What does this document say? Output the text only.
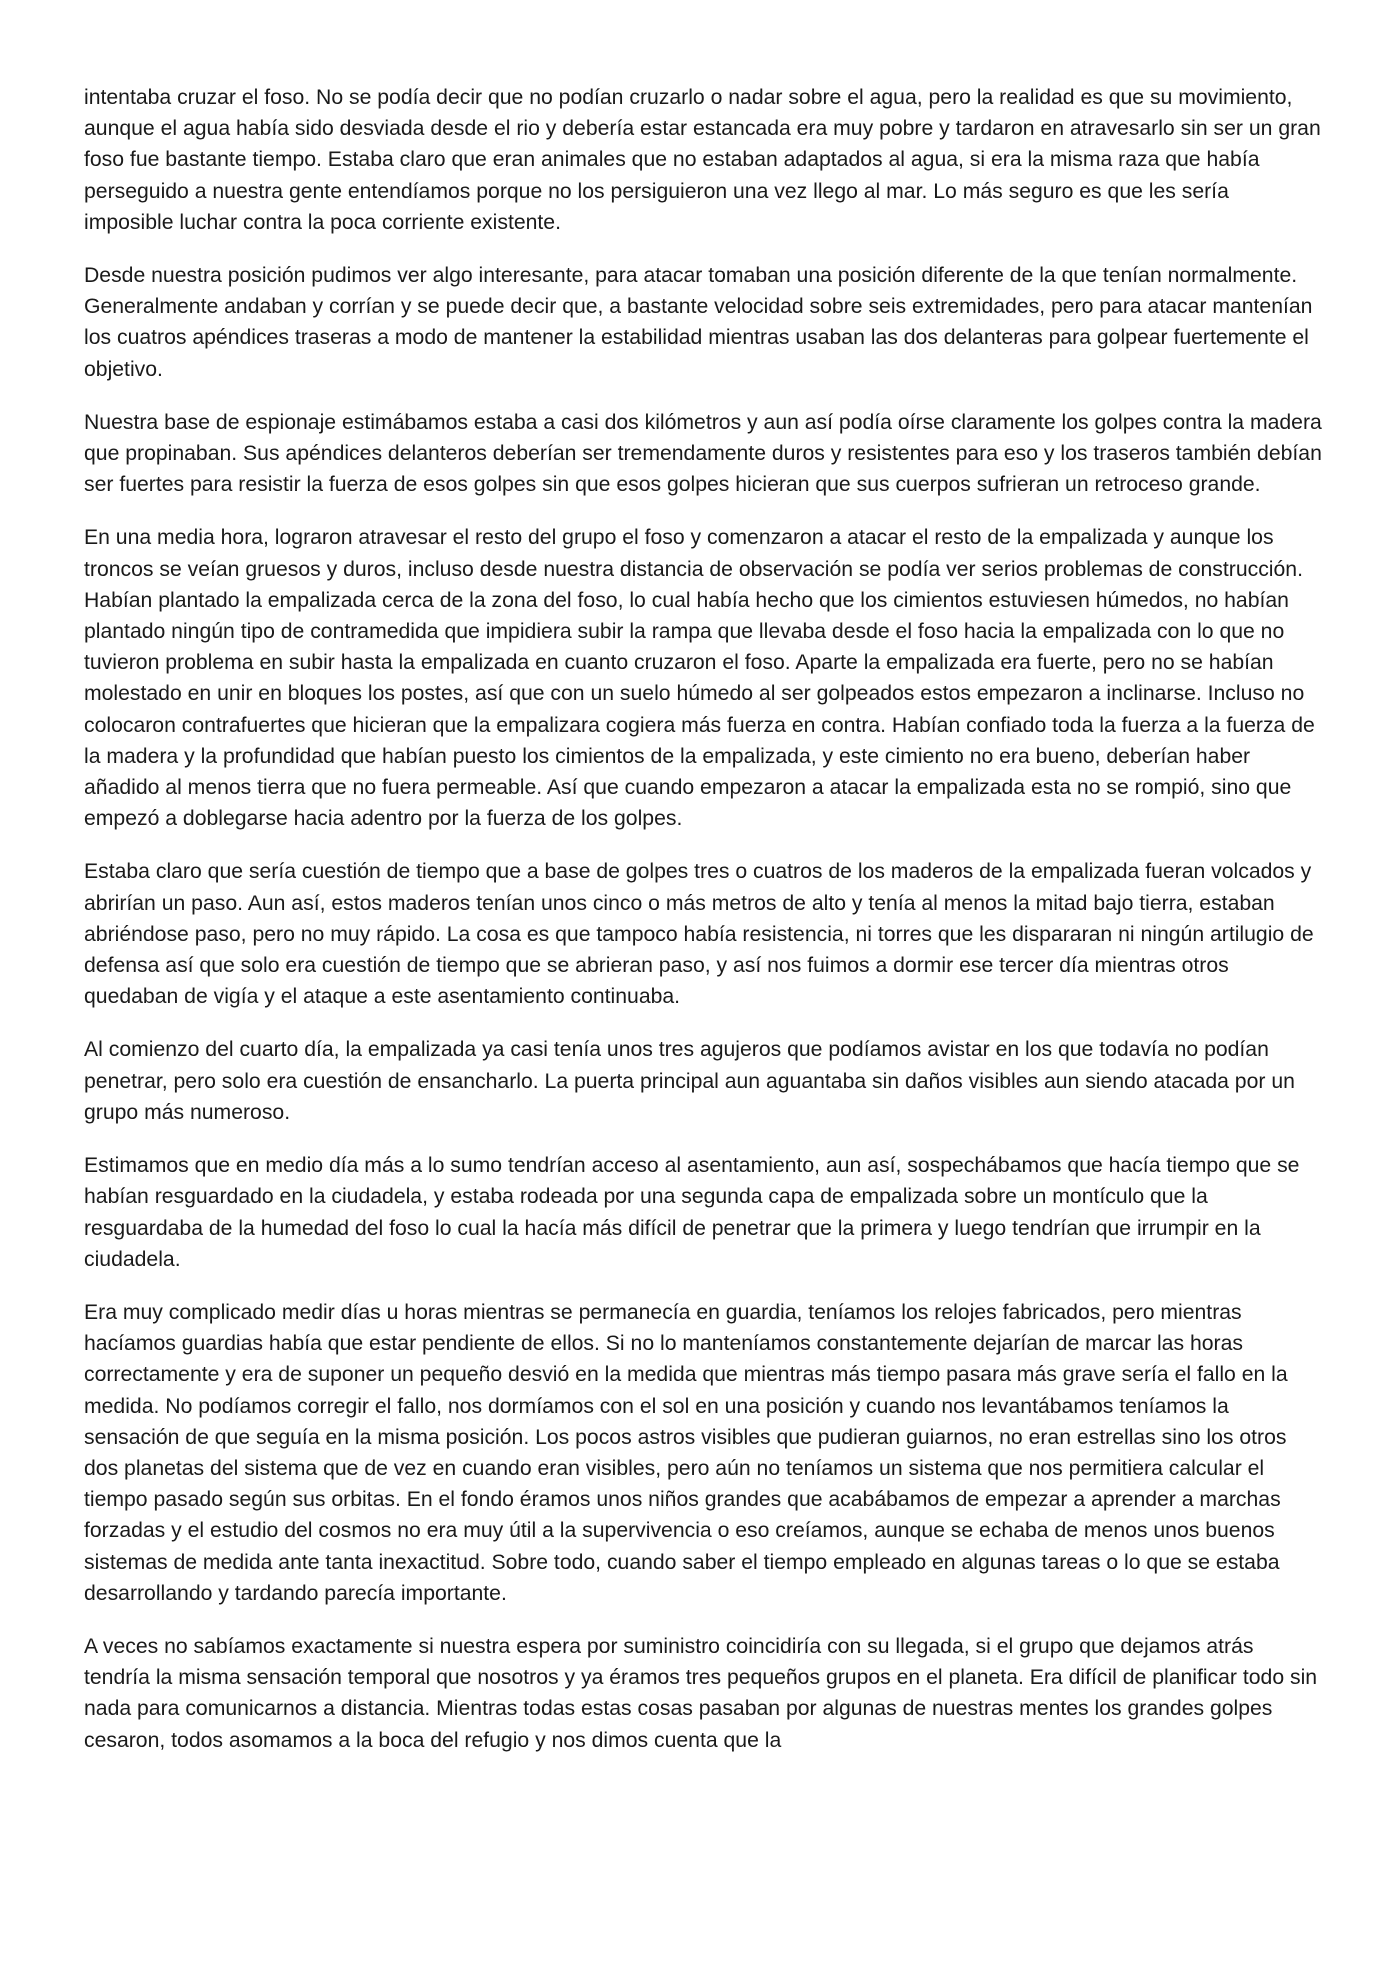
intentaba cruzar el foso. No se podía decir que no podían cruzarlo o nadar sobre el agua, pero la realidad es que su movimiento, aunque el agua había sido desviada desde el rio y debería estar estancada era muy pobre y tardaron en atravesarlo sin ser un gran foso fue bastante tiempo. Estaba claro que eran animales que no estaban adaptados al agua, si era la misma raza que había perseguido a nuestra gente entendíamos porque no los persiguieron una vez llego al mar. Lo más seguro es que les sería imposible luchar contra la poca corriente existente.

Desde nuestra posición pudimos ver algo interesante, para atacar tomaban una posición diferente de la que tenían normalmente. Generalmente andaban y corrían y se puede decir que, a bastante velocidad sobre seis extremidades, pero para atacar mantenían los cuatros apéndices traseras a modo de mantener la estabilidad mientras usaban las dos delanteras para golpear fuertemente el objetivo.

Nuestra base de espionaje estimábamos estaba a casi dos kilómetros y aun así podía oírse claramente los golpes contra la madera que propinaban. Sus apéndices delanteros deberían ser tremendamente duros y resistentes para eso y los traseros también debían ser fuertes para resistir la fuerza de esos golpes sin que esos golpes hicieran que sus cuerpos sufrieran un retroceso grande.

En una media hora, lograron atravesar el resto del grupo el foso y comenzaron a atacar el resto de la empalizada y aunque los troncos se veían gruesos y duros, incluso desde nuestra distancia de observación se podía ver serios problemas de construcción. Habían plantado la empalizada cerca de la zona del foso, lo cual había hecho que los cimientos estuviesen húmedos, no habían plantado ningún tipo de contramedida que impidiera subir la rampa que llevaba desde el foso hacia la empalizada con lo que no tuvieron problema en subir hasta la empalizada en cuanto cruzaron el foso. Aparte la empalizada era fuerte, pero no se habían molestado en unir en bloques los postes, así que con un suelo húmedo al ser golpeados estos empezaron a inclinarse. Incluso no colocaron contrafuertes que hicieran que la empalizara cogiera más fuerza en contra. Habían confiado toda la fuerza a la fuerza de la madera y la profundidad que habían puesto los cimientos de la empalizada, y este cimiento no era bueno, deberían haber añadido al menos tierra que no fuera permeable. Así que cuando empezaron a atacar la empalizada esta no se rompió, sino que empezó a doblegarse hacia adentro por la fuerza de los golpes.

Estaba claro que sería cuestión de tiempo que a base de golpes tres o cuatros de los maderos de la empalizada fueran volcados y abrirían un paso. Aun así, estos maderos tenían unos cinco o más metros de alto y tenía al menos la mitad bajo tierra, estaban abriéndose paso, pero no muy rápido. La cosa es que tampoco había resistencia, ni torres que les dispararan ni ningún artilugio de defensa así que solo era cuestión de tiempo que se abrieran paso, y así nos fuimos a dormir ese tercer día mientras otros quedaban de vigía y el ataque a este asentamiento continuaba.

Al comienzo del cuarto día, la empalizada ya casi tenía unos tres agujeros que podíamos avistar en los que todavía no podían penetrar, pero solo era cuestión de ensancharlo. La puerta principal aun aguantaba sin daños visibles aun siendo atacada por un grupo más numeroso.

Estimamos que en medio día más a lo sumo tendrían acceso al asentamiento, aun así, sospechábamos que hacía tiempo que se habían resguardado en la ciudadela, y estaba rodeada por una segunda capa de empalizada sobre un montículo que la resguardaba de la humedad del foso lo cual la hacía más difícil de penetrar que la primera y luego tendrían que irrumpir en la ciudadela.

Era muy complicado medir días u horas mientras se permanecía en guardia, teníamos los relojes fabricados, pero mientras hacíamos guardias había que estar pendiente de ellos. Si no lo manteníamos constantemente dejarían de marcar las horas correctamente y era de suponer un pequeño desvió en la medida que mientras más tiempo pasara más grave sería el fallo en la medida. No podíamos corregir el fallo, nos dormíamos con el sol en una posición y cuando nos levantábamos teníamos la sensación de que seguía en la misma posición. Los pocos astros visibles que pudieran guiarnos, no eran estrellas sino los otros dos planetas del sistema que de vez en cuando eran visibles, pero aún no teníamos un sistema que nos permitiera calcular el tiempo pasado según sus orbitas. En el fondo éramos unos niños grandes que acabábamos de empezar a aprender a marchas forzadas y el estudio del cosmos no era muy útil a la supervivencia o eso creíamos, aunque se echaba de menos unos buenos sistemas de medida ante tanta inexactitud. Sobre todo, cuando saber el tiempo empleado en algunas tareas o lo que se estaba desarrollando y tardando parecía importante.

A veces no sabíamos exactamente si nuestra espera por suministro coincidiría con su llegada, si el grupo que dejamos atrás tendría la misma sensación temporal que nosotros y ya éramos tres pequeños grupos en el planeta. Era difícil de planificar todo sin nada para comunicarnos a distancia. Mientras todas estas cosas pasaban por algunas de nuestras mentes los grandes golpes cesaron, todos asomamos a la boca del refugio y nos dimos cuenta que la
